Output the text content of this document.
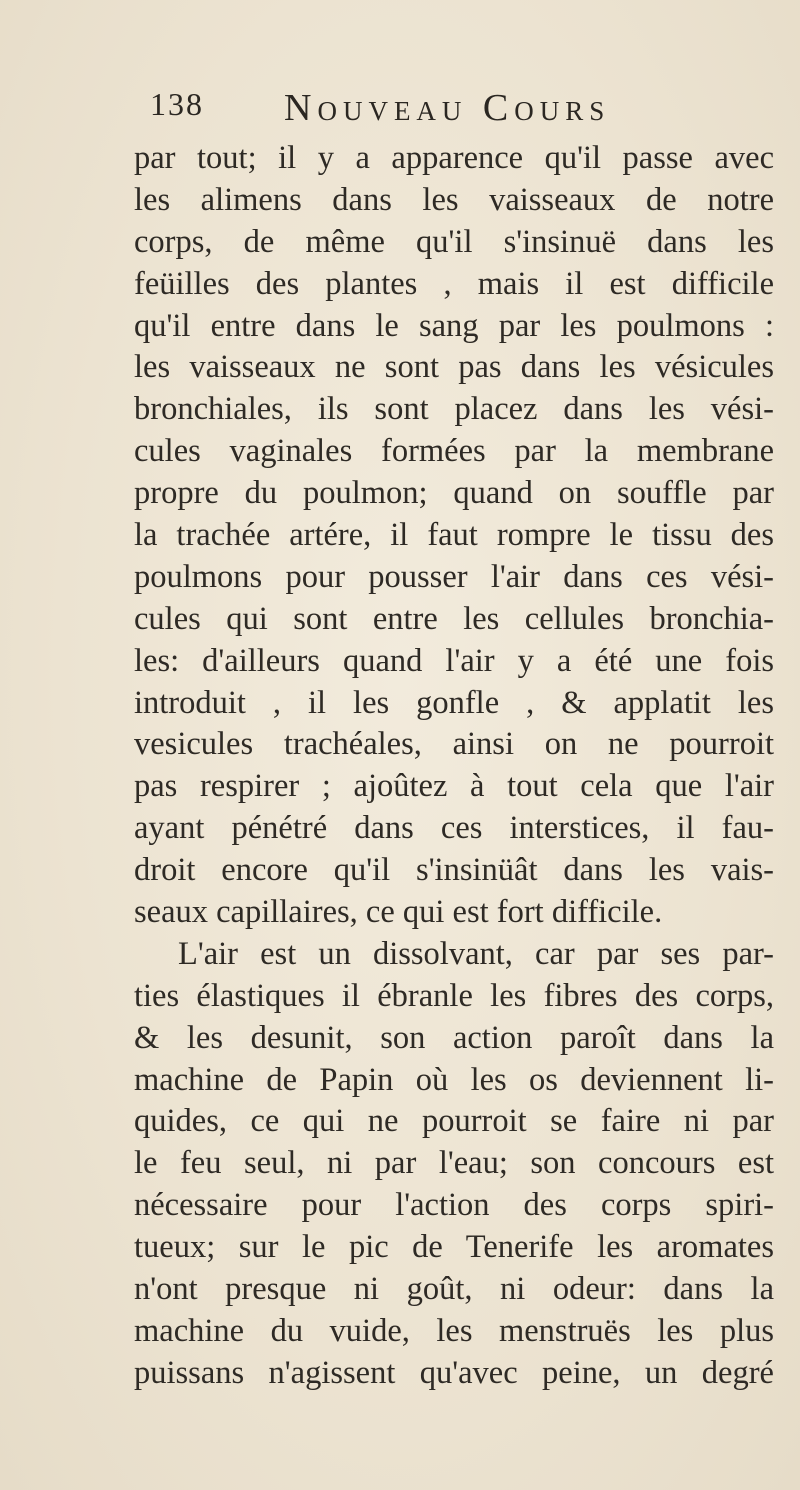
138 Nouveau Cours
par tout; il y a apparence qu'il passe avec
les alimens dans les vaisseaux de notre
corps, de même qu'il s'insinuë dans les
feüilles des plantes , mais il est difficile
qu'il entre dans le sang par les poulmons :
les vaisseaux ne sont pas dans les vésicules
bronchiales, ils sont placez dans les vési-
cules vaginales formées par la membrane
propre du poulmon; quand on souffle par
la trachée artére, il faut rompre le tissu des
poulmons pour pousser l'air dans ces vési-
cules qui sont entre les cellules bronchia-
les: d'ailleurs quand l'air y a été une fois
introduit , il les gonfle , & applatit les
vesicules trachéales, ainsi on ne pourroit
pas respirer ; ajoûtez à tout cela que l'air
ayant pénétré dans ces interstices, il fau-
droit encore qu'il s'insinüât dans les vais-
seaux capillaires, ce qui est fort difficile.
L'air est un dissolvant, car par ses par-
ties élastiques il ébranle les fibres des corps,
& les desunit, son action paroît dans la
machine de Papin où les os deviennent li-
quides, ce qui ne pourroit se faire ni par
le feu seul, ni par l'eau; son concours est
nécessaire pour l'action des corps spiri-
tueux; sur le pic de Tenerife les aromates
n'ont presque ni goût, ni odeur: dans la
machine du vuide, les menstruës les plus
puissans n'agissent qu'avec peine, un degré
